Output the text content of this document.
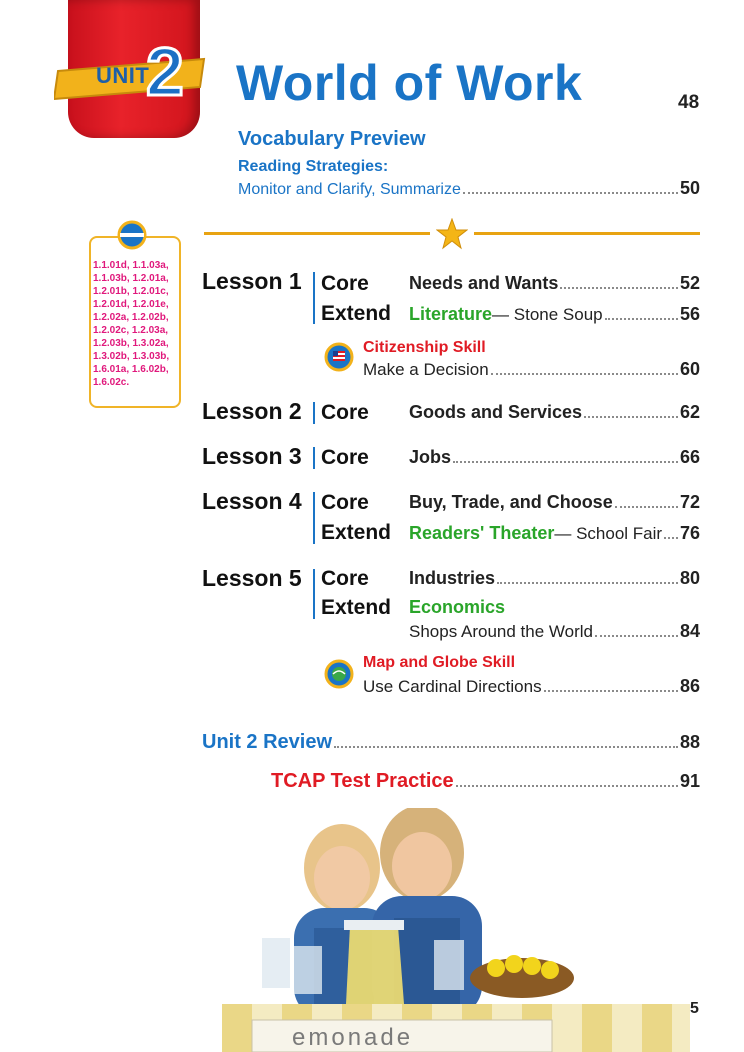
UNIT
2 World of Work	48
Vocabulary Preview
Reading Strategies:
Monitor and Clarify, Summarize	50
1.1.01d, 1.1.03a, 1.1.03b, 1.2.01a, 1.2.01b, 1.2.01c, 1.2.01d, 1.2.01e, 1.2.02a, 1.2.02b, 1.2.02c, 1.2.03a, 1.2.03b, 1.3.02a, 1.3.02b, 1.3.03b, 1.6.01a, 1.6.02b, 1.6.02c.
Lesson 1 Core Needs and Wants	52
Extend Literature — Stone Soup	56
Citizenship Skill
Make a Decision	60
Lesson 2 Core Goods and Services	62
Lesson 3 Core Jobs	66
Lesson 4 Core Buy, Trade, and Choose	72
Extend Readers' Theater — School Fair 76
Lesson 5 Core Industries	80
Extend Economics
Shops Around the World	84
Map and Globe Skill
Use Cardinal Directions	86
Unit 2 Review	88
TCAP Test Practice	91
emonade
5
